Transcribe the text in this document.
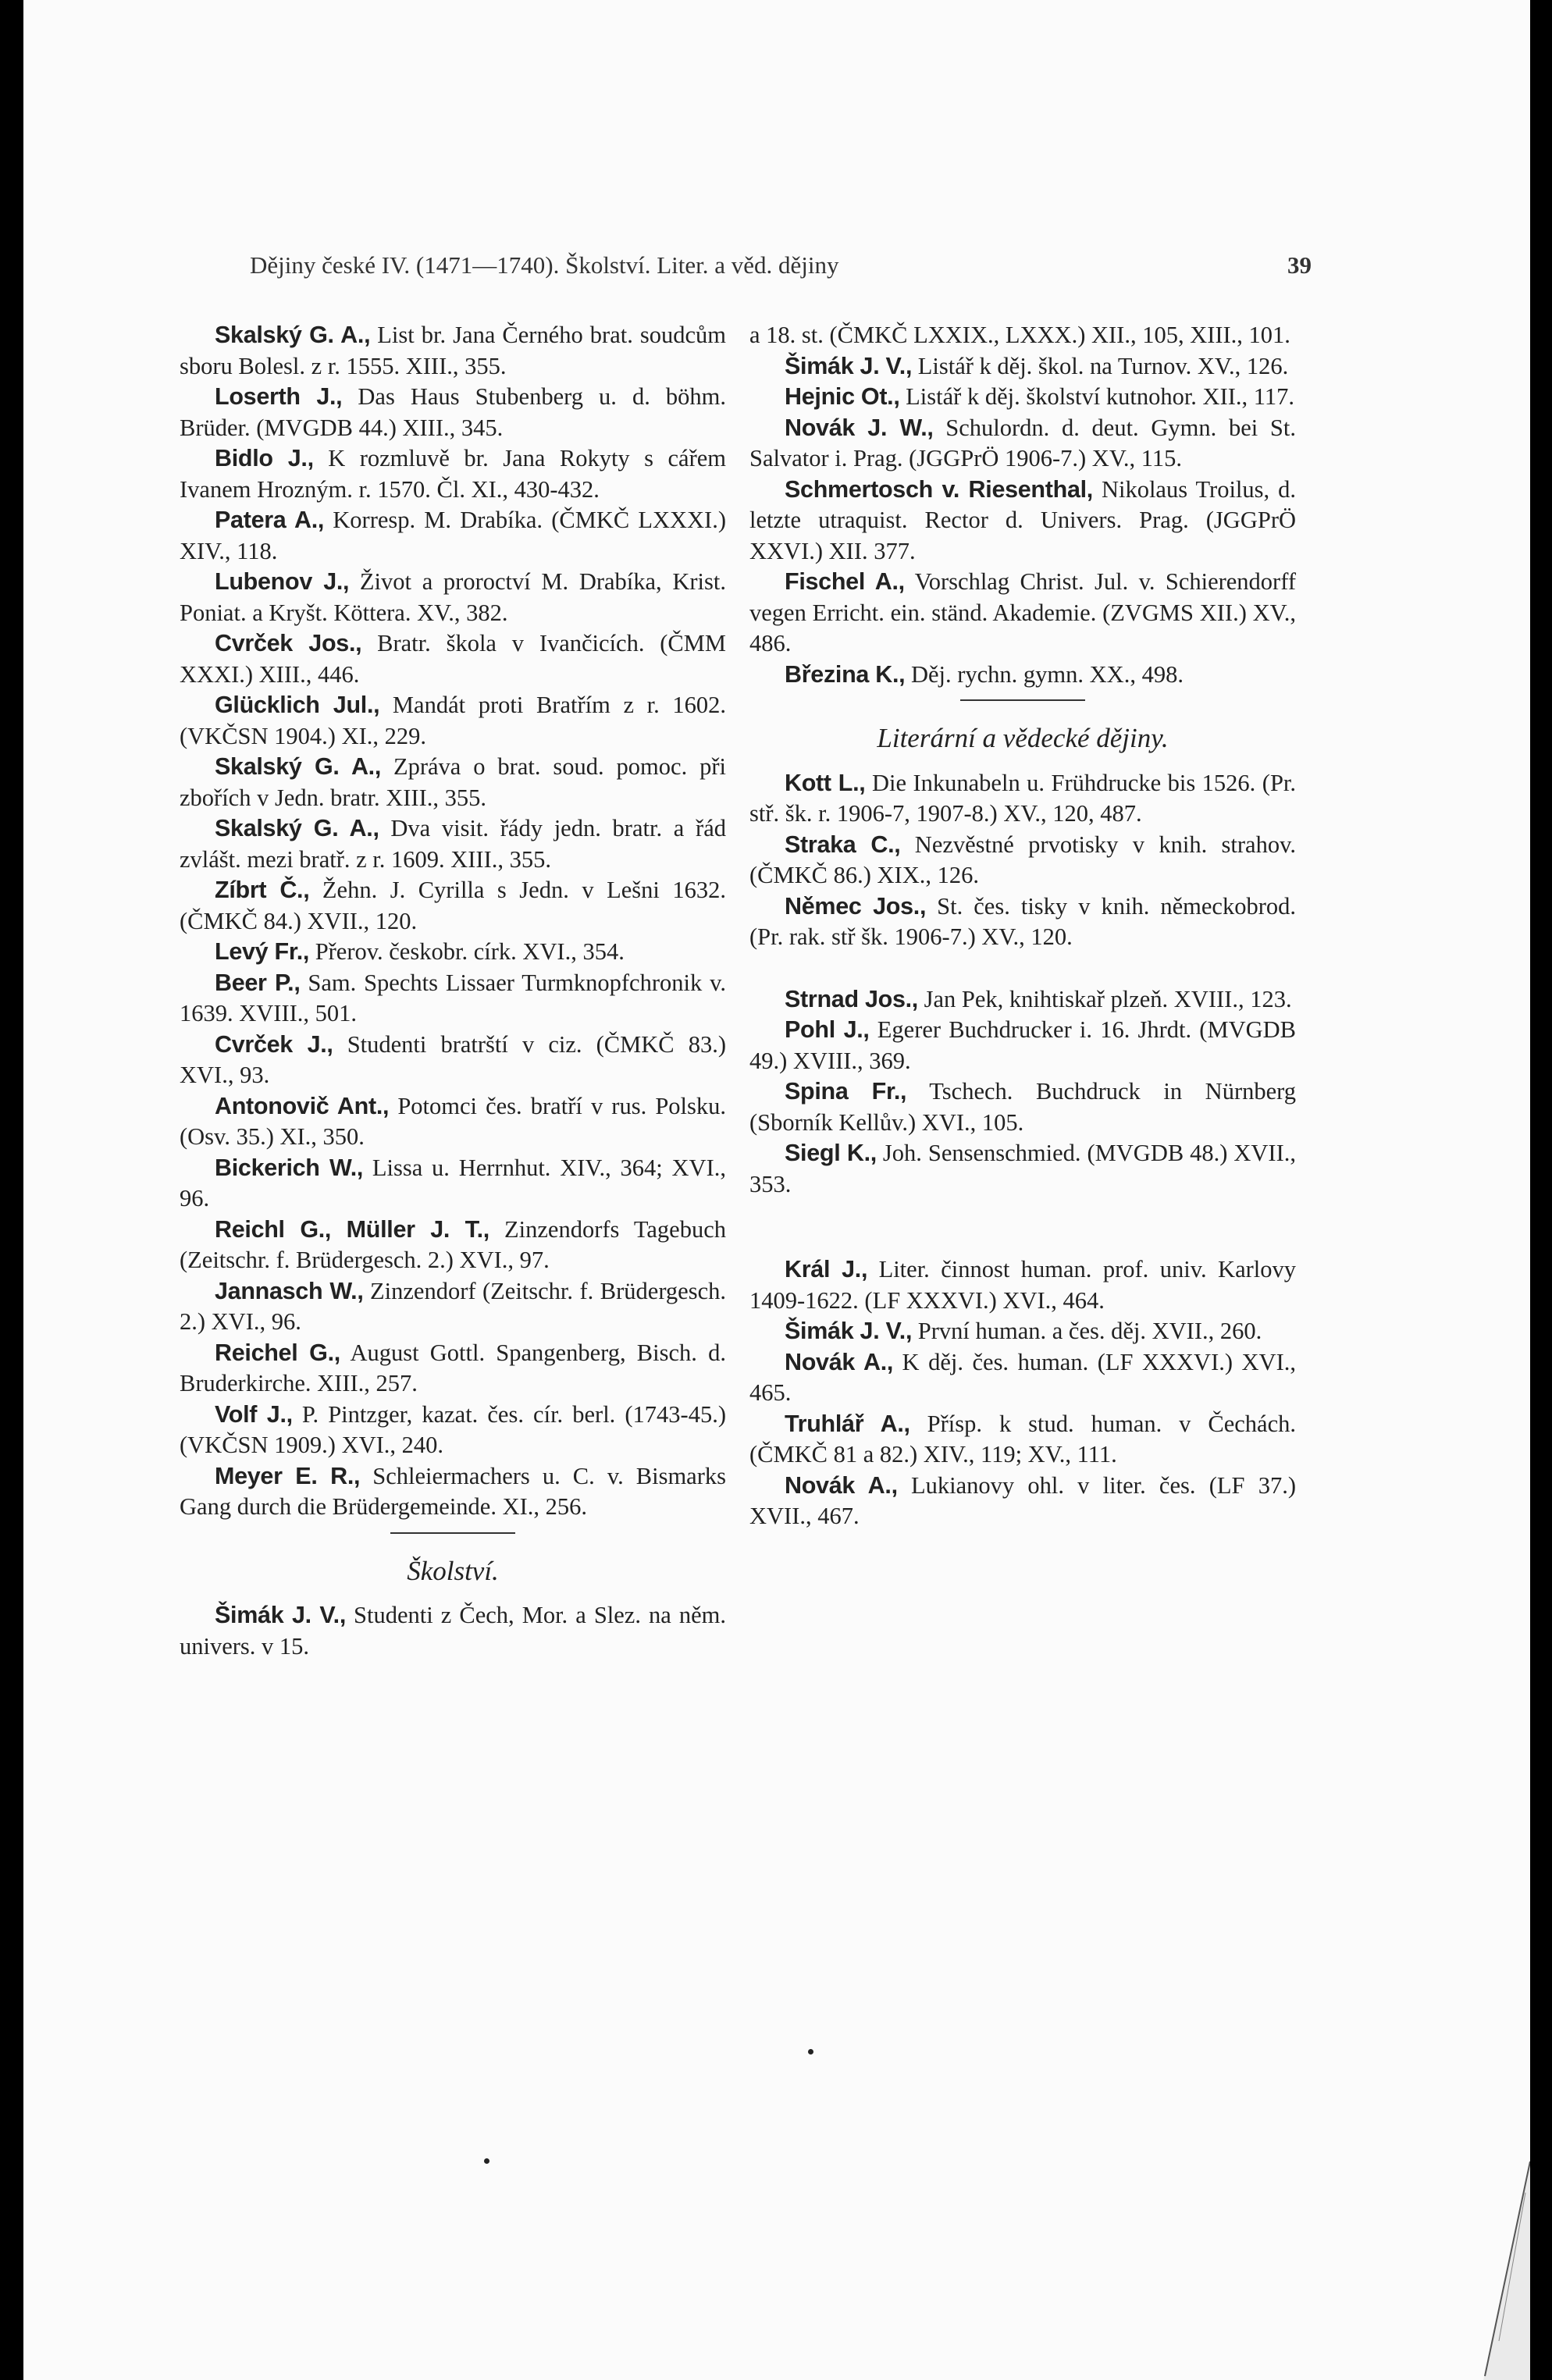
Dějiny české IV. (1471—1740). Školství. Liter. a věd. dějiny	39

Skalský G. A., List br. Jana Černého brat. soudcům sboru Bolesl. z r. 1555. XIII., 355.

Loserth J., Das Haus Stubenberg u. d. böhm. Brüder. (MVGDB 44.) XIII., 345.

Bidlo J., K rozmluvě br. Jana Rokyty s cářem Ivanem Hrozným. r. 1570. Čl. XI., 430-432.

Patera A., Korresp. M. Drabíka. (ČMKČ LXXXI.) XIV., 118.

Lubenov J., Život a proroctví M. Drabíka, Krist. Poniat. a Kryšt. Köttera. XV., 382.

Cvrček Jos., Bratr. škola v Ivančicích. (ČMM XXXI.) XIII., 446.

Glücklich Jul., Mandát proti Bratřím z r. 1602. (VKČSN 1904.) XI., 229.

Skalský G. A., Zpráva o brat. soud. pomoc. při zbořích v Jedn. bratr. XIII., 355.

Skalský G. A., Dva visit. řády jedn. bratr. a řád zvlášt. mezi bratř. z r. 1609. XIII., 355.

Zíbrt Č., Žehn. J. Cyrilla s Jedn. v Lešni 1632. (ČMKČ 84.) XVII., 120.

Levý Fr., Přerov. českobr. círk. XVI., 354.

Beer P., Sam. Spechts Lissaer Turmknopfchronik v. 1639. XVIII., 501.

Cvrček J., Studenti bratrští v ciz. (ČMKČ 83.) XVI., 93.

Antonovič Ant., Potomci čes. bratří v rus. Polsku. (Osv. 35.) XI., 350.

Bickerich W., Lissa u. Herrnhut. XIV., 364; XVI., 96.

Reichl G., Müller J. T., Zinzendorfs Tagebuch (Zeitschr. f. Brüdergesch. 2.) XVI., 97.

Jannasch W., Zinzendorf (Zeitschr. f. Brüdergesch. 2.) XVI., 96.

Reichel G., August Gottl. Spangenberg, Bisch. d. Bruderkirche. XIII., 257.

Volf J., P. Pintzger, kazat. čes. cír. berl. (1743-45.) (VKČSN 1909.) XVI., 240.

Meyer E. R., Schleiermachers u. C. v. Bismarks Gang durch die Brüdergemeinde. XI., 256.

Školství.

Šimák J. V., Studenti z Čech, Mor. a Slez. na něm. univers. v 15.

a 18. st. (ČMKČ LXXIX., LXXX.) XII., 105, XIII., 101.

Šimák J. V., Listář k děj. škol. na Turnov. XV., 126.

Hejnic Ot., Listář k děj. školství kutnohor. XII., 117.

Novák J. W., Schulordn. d. deut. Gymn. bei St. Salvator i. Prag. (JGGPrÖ 1906-7.) XV., 115.

Schmertosch v. Riesenthal, Nikolaus Troilus, d. letzte utraquist. Rector d. Univers. Prag. (JGGPrÖ XXVI.) XII. 377.

Fischel A., Vorschlag Christ. Jul. v. Schierendorff vegen Erricht. ein. ständ. Akademie. (ZVGMS XII.) XV., 486.

Březina K., Děj. rychn. gymn. XX., 498.

Literární a vědecké dějiny.

Kott L., Die Inkunabeln u. Frühdrucke bis 1526. (Pr. stř. šk. r. 1906-7, 1907-8.) XV., 120, 487.

Straka C., Nezvěstné prvotisky v knih. strahov. (ČMKČ 86.) XIX., 126.

Němec Jos., St. čes. tisky v knih. německobrod. (Pr. rak. stř šk. 1906-7.) XV., 120.

Strnad Jos., Jan Pek, knihtiskař plzeň. XVIII., 123.

Pohl J., Egerer Buchdrucker i. 16. Jhrdt. (MVGDB 49.) XVIII., 369.

Spina Fr., Tschech. Buchdruck in Nürnberg (Sborník Kellův.) XVI., 105.

Siegl K., Joh. Sensenschmied. (MVGDB 48.) XVII., 353.

Král J., Liter. činnost human. prof. univ. Karlovy 1409-1622. (LF XXXVI.) XVI., 464.

Šimák J. V., První human. a čes. děj. XVII., 260.

Novák A., K děj. čes. human. (LF XXXVI.) XVI., 465.

Truhlář A., Přísp. k stud. human. v Čechách. (ČMKČ 81 a 82.) XIV., 119; XV., 111.

Novák A., Lukianovy ohl. v liter. čes. (LF 37.) XVII., 467.
